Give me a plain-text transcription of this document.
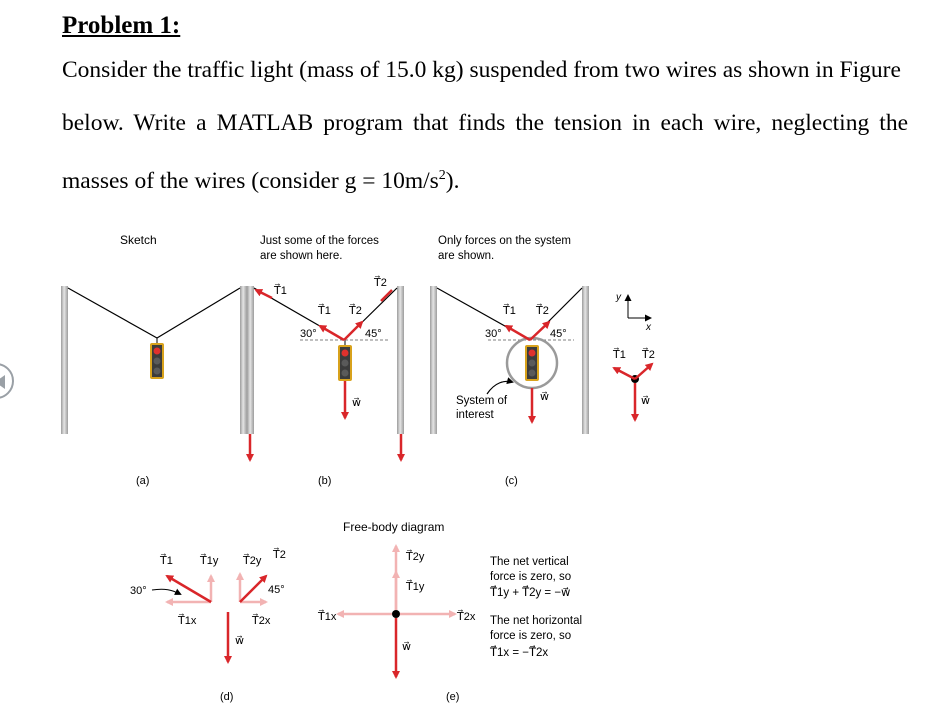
Problem 1:
Consider the traffic light (mass of 15.0 kg) suspended from two wires as shown in Figure
below. Write a MATLAB program that finds the tension in each wire, neglecting the
masses of the wires (consider $g = 10m/s^2$).
Sketch
(a)
Just some of the forces
are shown here.
T⃗1
T⃗2
T⃗1 T⃗2
30°	45°
w⃗
(b)
Only forces on the system
are shown.
T⃗1 T⃗2
30°	45°
w⃗
System of
interest
(c)
y
x
T⃗1 T⃗2
w⃗
T⃗1 T⃗1y T⃗2y T⃗2
30°	45°
T⃗1x	T⃗2x
w⃗
(d)
Free-body diagram
T⃗2y
T⃗1y
T⃗1x	T⃗2x
w⃗
(e)
The net vertical
force is zero, so
T⃗1y + T⃗2y = −w⃗
The net horizontal
force is zero, so
T⃗1x = −T⃗2x
